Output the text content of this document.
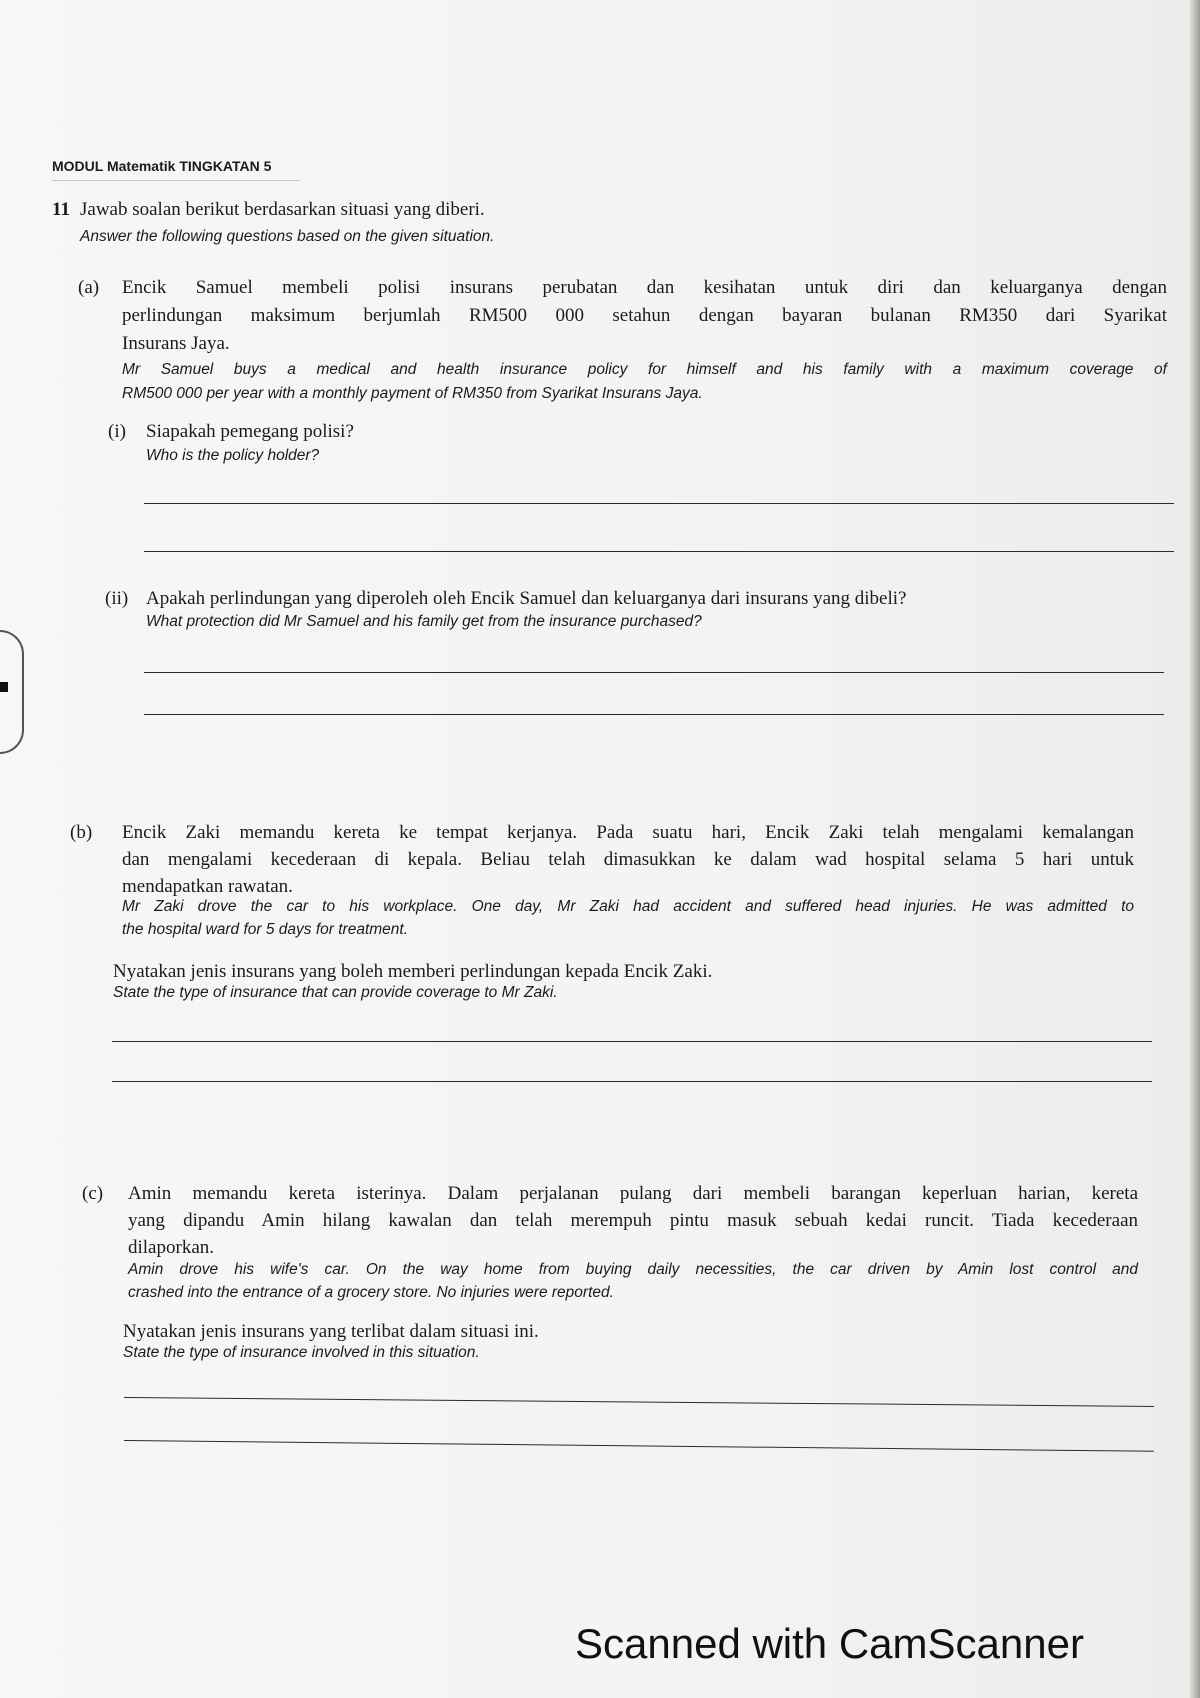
MODUL Matematik TINGKATAN 5
11 Jawab soalan berikut berdasarkan situasi yang diberi.
Answer the following questions based on the given situation.
(a) Encik Samuel membeli polisi insurans perubatan dan kesihatan untuk diri dan keluarganya dengan
perlindungan maksimum berjumlah RM500 000 setahun dengan bayaran bulanan RM350 dari Syarikat
Insurans Jaya.
Mr Samuel buys a medical and health insurance policy for himself and his family with a maximum coverage of
RM500 000 per year with a monthly payment of RM350 from Syarikat Insurans Jaya.
(i) Siapakah pemegang polisi?
Who is the policy holder?
(ii) Apakah perlindungan yang diperoleh oleh Encik Samuel dan keluarganya dari insurans yang dibeli?
What protection did Mr Samuel and his family get from the insurance purchased?
(b) Encik Zaki memandu kereta ke tempat kerjanya. Pada suatu hari, Encik Zaki telah mengalami kemalangan
dan mengalami kecederaan di kepala. Beliau telah dimasukkan ke dalam wad hospital selama 5 hari untuk
mendapatkan rawatan.
Mr Zaki drove the car to his workplace. One day, Mr Zaki had accident and suffered head injuries. He was admitted to
the hospital ward for 5 days for treatment.
Nyatakan jenis insurans yang boleh memberi perlindungan kepada Encik Zaki.
State the type of insurance that can provide coverage to Mr Zaki.
(c) Amin memandu kereta isterinya. Dalam perjalanan pulang dari membeli barangan keperluan harian, kereta
yang dipandu Amin hilang kawalan dan telah merempuh pintu masuk sebuah kedai runcit. Tiada kecederaan
dilaporkan.
Amin drove his wife's car. On the way home from buying daily necessities, the car driven by Amin lost control and
crashed into the entrance of a grocery store. No injuries were reported.
Nyatakan jenis insurans yang terlibat dalam situasi ini.
State the type of insurance involved in this situation.
Scanned with CamScanner
